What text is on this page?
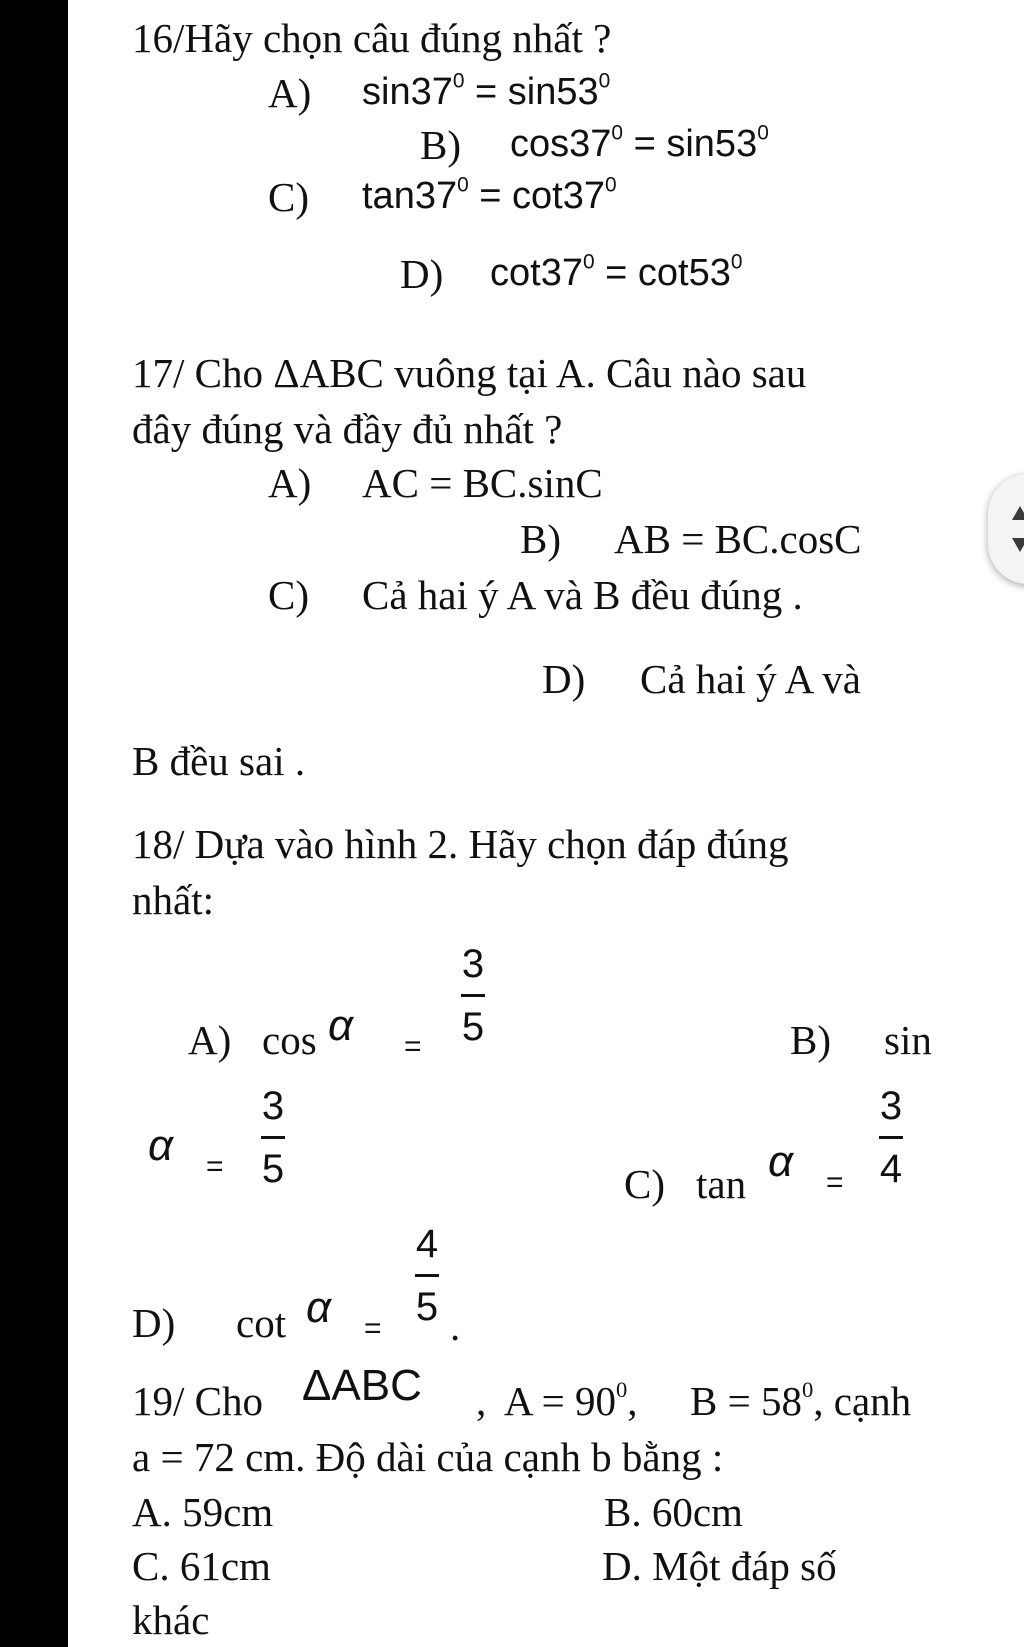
16/Hãy chọn câu đúng nhất ?
A) $\sin 37^0 = \sin 53^0$
B) $\cos 37^0 = \sin 53^0$
C) $\tan 37^0 = \cot 37^0$
D) $\cot 37^0 = \cot 53^0$
17/ Cho ΔABC vuông tại A. Câu nào sau
đây đúng và đầy đủ nhất ?
A) AC = BC.sinC
B) AB = BC.cosC
C) Cả hai ý A và B đều đúng .
D) Cả hai ý A và
B đều sai .
18/ Dựa vào hình 2. Hãy chọn đáp đúng
nhất:
A) cos α =
3
5	B) sin
α =
3
5	C) tan α =
3
4
D) cot α =
4
5 .
19/ Cho ΔABC , $A = 90^0$, $B = 58^0$, cạnh
a = 72 cm. Độ dài của cạnh b bằng :
A. 59cm	B. 60cm
C. 61cm	D. Một đáp số
khác
